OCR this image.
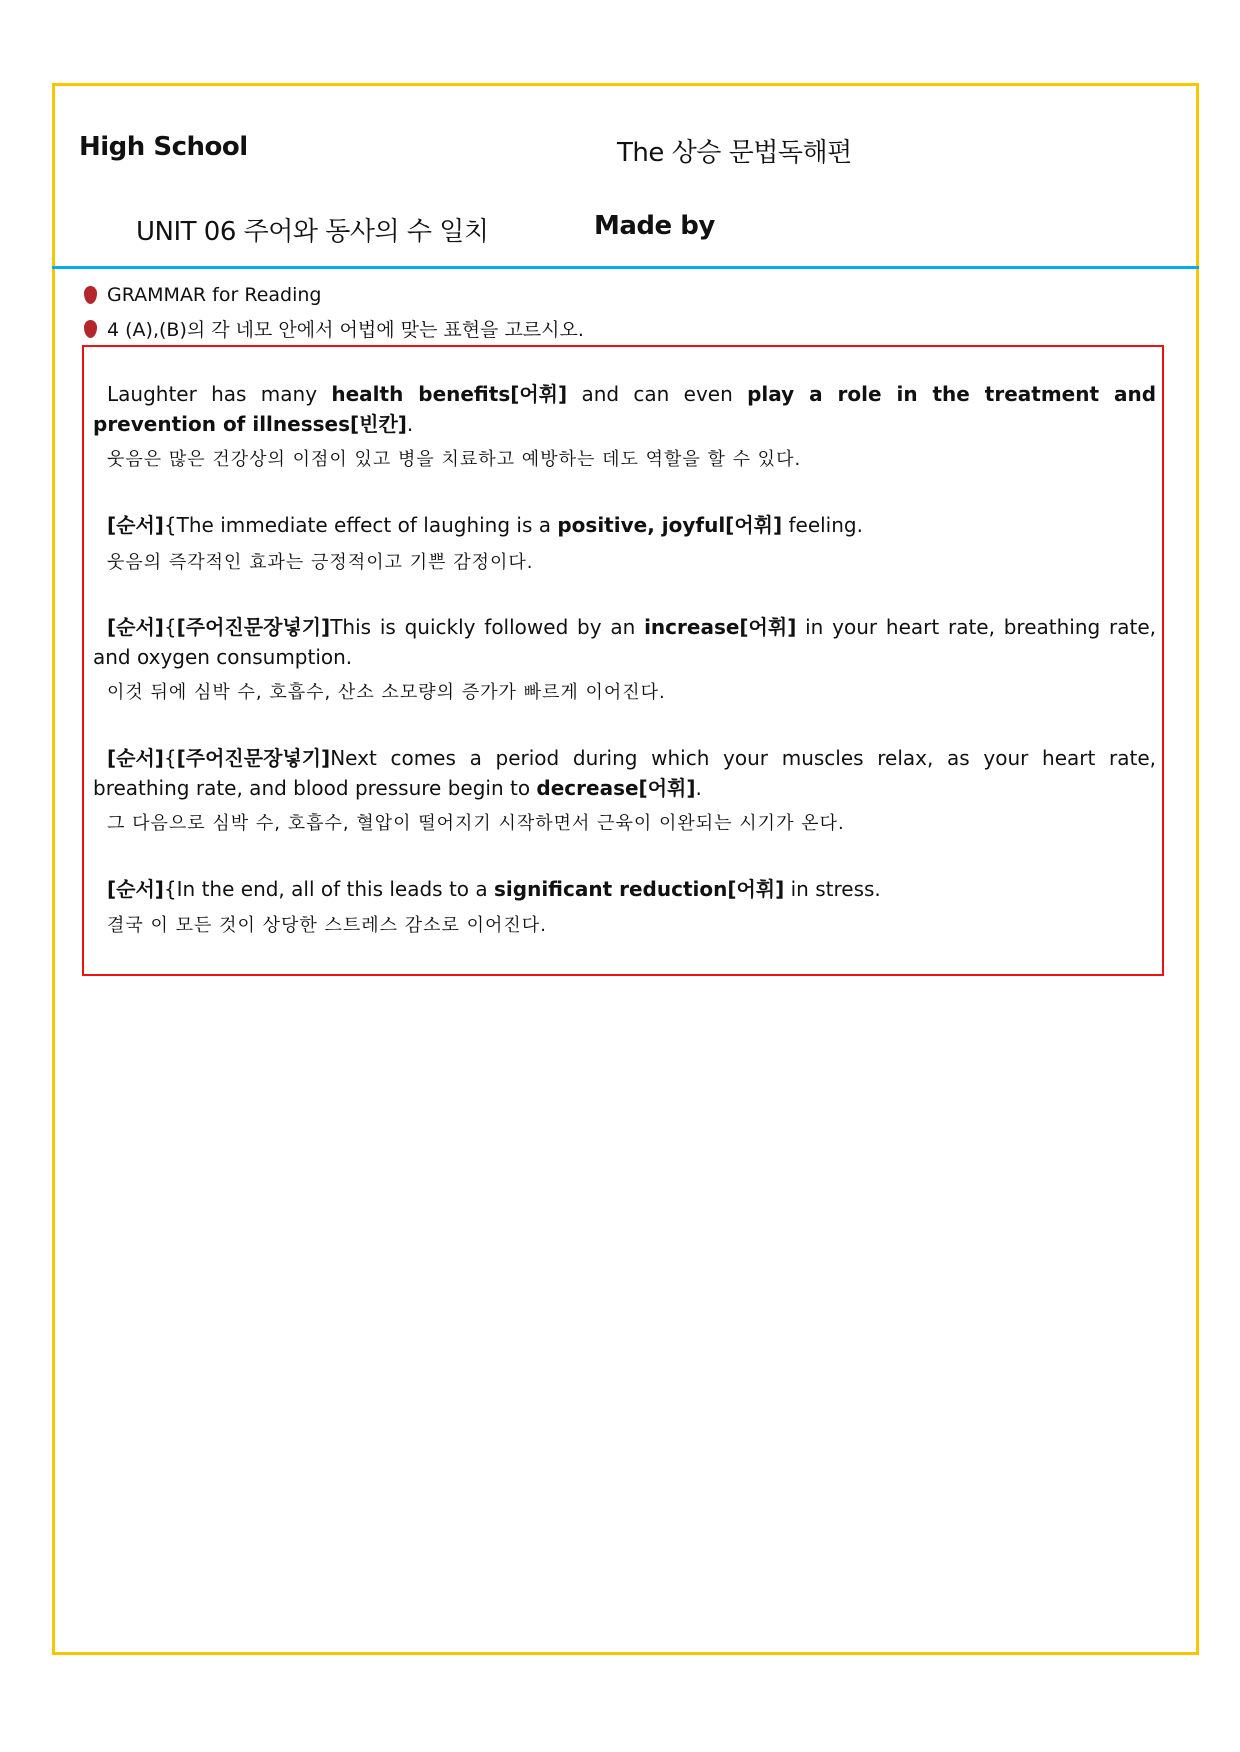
High School	The 상승 문법독해편
UNIT 06 주어와 동사의 수 일치	Made by
GRAMMAR for Reading
4 (A),(B)의 각 네모 안에서 어법에 맞는 표현을 고르시오.
Laughter has many health benefits[어휘] and can even play a role in the treatment and prevention of illnesses[빈칸].
웃음은 많은 건강상의 이점이 있고 병을 치료하고 예방하는 데도 역할을 할 수 있다.
[순서]{The immediate effect of laughing is a positive, joyful[어휘] feeling.
웃음의 즉각적인 효과는 긍정적이고 기쁜 감정이다.
[순서]{[주어진문장넣기]This is quickly followed by an increase[어휘] in your heart rate, breathing rate, and oxygen consumption.
이것 뒤에 심박 수, 호흡수, 산소 소모량의 증가가 빠르게 이어진다.
[순서]{[주어진문장넣기]Next comes a period during which your muscles relax, as your heart rate, breathing rate, and blood pressure begin to decrease[어휘].
그 다음으로 심박 수, 호흡수, 혈압이 떨어지기 시작하면서 근육이 이완되는 시기가 온다.
[순서]{In the end, all of this leads to a significant reduction[어휘] in stress.
결국 이 모든 것이 상당한 스트레스 감소로 이어진다.
